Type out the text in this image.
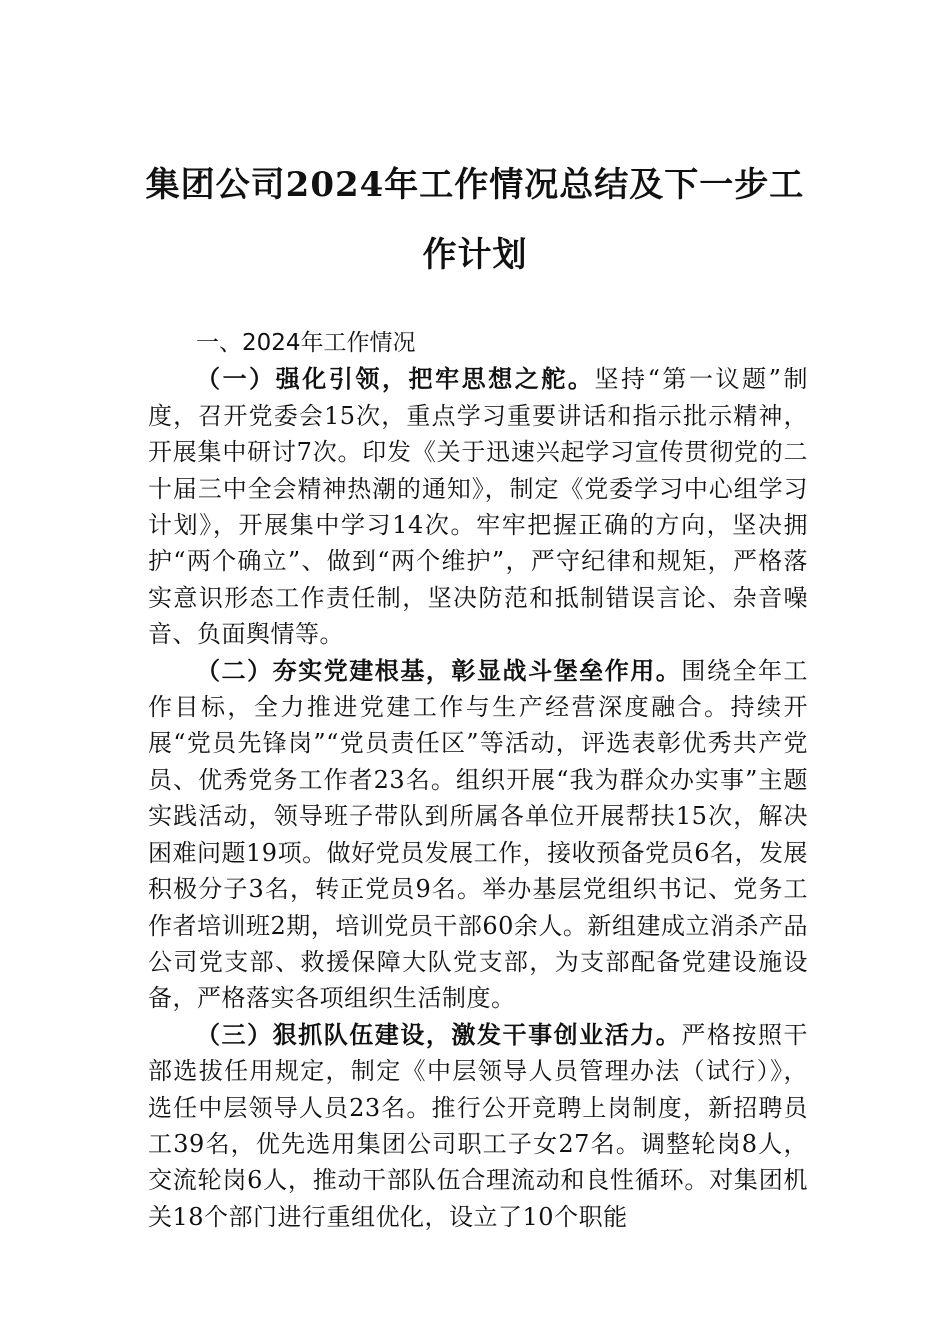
集团公司2024年工作情况总结及下一步工
作计划

一、2024年工作情况

（一）强化引领，把牢思想之舵。坚持“第一议题”制度，召开党委会15次，重点学习重要讲话和指示批示精神，开展集中研讨7次。印发《关于迅速兴起学习宣传贯彻党的二十届三中全会精神热潮的通知》，制定《党委学习中心组学习计划》，开展集中学习14次。牢牢把握正确的方向，坚决拥护“两个确立”、做到“两个维护”，严守纪律和规矩，严格落实意识形态工作责任制，坚决防范和抵制错误言论、杂音噪音、负面舆情等。

（二）夯实党建根基，彰显战斗堡垒作用。围绕全年工作目标，全力推进党建工作与生产经营深度融合。持续开展“党员先锋岗”“党员责任区”等活动，评选表彰优秀共产党员、优秀党务工作者23名。组织开展“我为群众办实事”主题实践活动，领导班子带队到所属各单位开展帮扶15次，解决困难问题19项。做好党员发展工作，接收预备党员6名，发展积极分子3名，转正党员9名。举办基层党组织书记、党务工作者培训班2期，培训党员干部60余人。新组建成立消杀产品公司党支部、救援保障大队党支部，为支部配备党建设施设备，严格落实各项组织生活制度。

（三）狠抓队伍建设，激发干事创业活力。严格按照干部选拔任用规定，制定《中层领导人员管理办法（试行）》，选任中层领导人员23名。推行公开竞聘上岗制度，新招聘员工39名，优先选用集团公司职工子女27名。调整轮岗8人，交流轮岗6人，推动干部队伍合理流动和良性循环。对集团机关18个部门进行重组优化，设立了10个职能
